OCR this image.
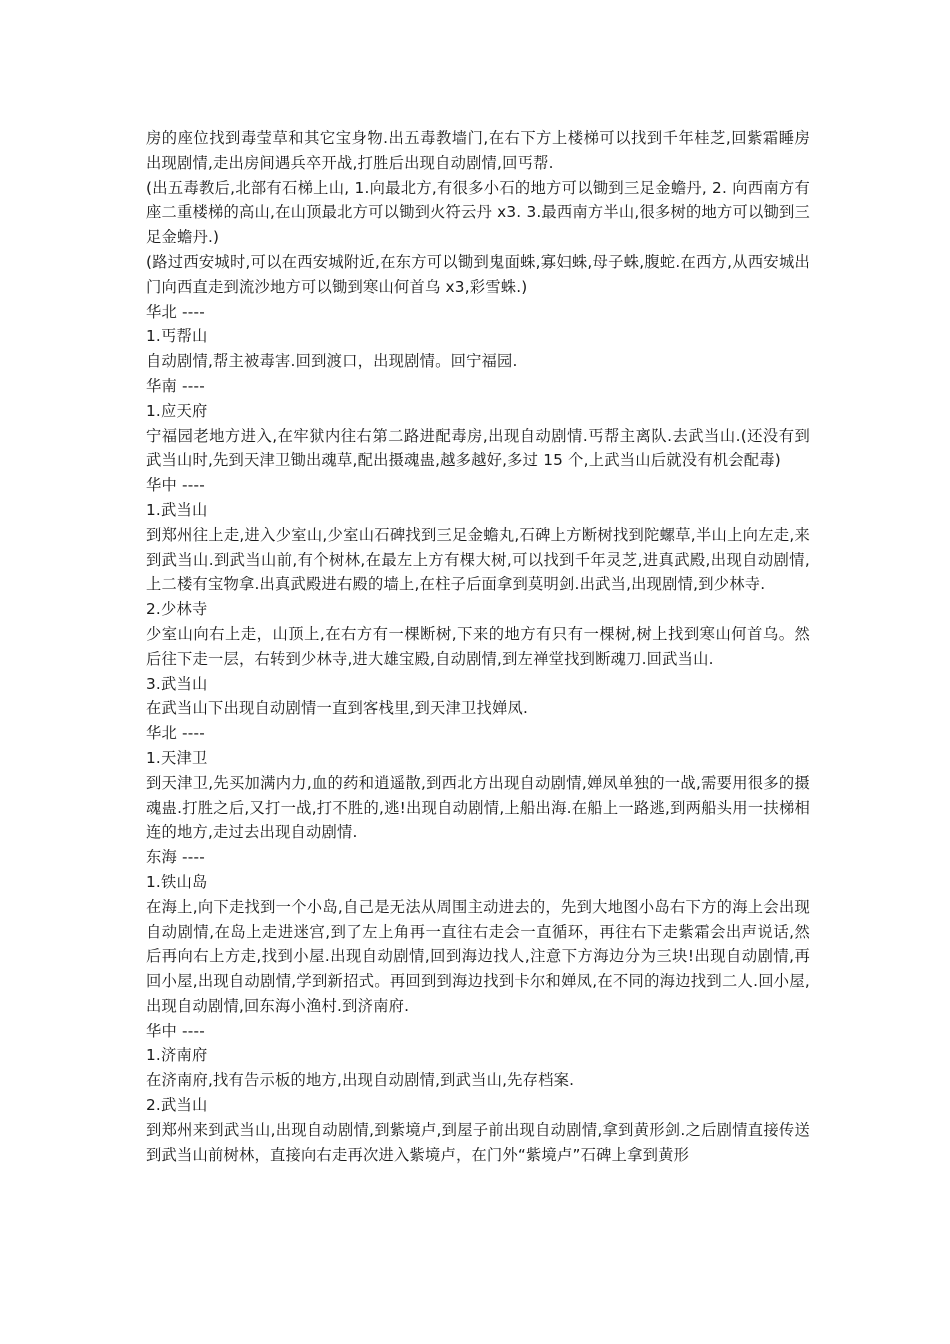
房的座位找到毒莹草和其它宝身物.出五毒教墙门,在右下方上楼梯可以找到千年桂芝,回紫霜睡房出现剧情,走出房间遇兵卒开战,打胜后出现自动剧情,回丐帮.

(出五毒教后,北部有石梯上山, 1.向最北方,有很多小石的地方可以锄到三足金蟾丹, 2. 向西南方有座二重楼梯的高山,在山顶最北方可以锄到火符云丹 x3. 3.最西南方半山,很多树的地方可以锄到三足金蟾丹.)

(路过西安城时,可以在西安城附近,在东方可以锄到鬼面蛛,寡妇蛛,母子蛛,腹蛇.在西方,从西安城出门向西直走到流沙地方可以锄到寒山何首乌 x3,彩雪蛛.)

华北 ----

1.丐帮山

自动剧情,帮主被毒害.回到渡口，出现剧情。回宁福园.

华南 ----

1.应天府

宁福园老地方进入,在牢狱内往右第二路进配毒房,出现自动剧情.丐帮主离队.去武当山.(还没有到武当山时,先到天津卫锄出魂草,配出摄魂蛊,越多越好,多过 15 个,上武当山后就没有机会配毒)

华中 ----

1.武当山

到郑州往上走,进入少室山,少室山石碑找到三足金蟾丸,石碑上方断树找到陀螺草,半山上向左走,来到武当山.到武当山前,有个树林,在最左上方有棵大树,可以找到千年灵芝,进真武殿,出现自动剧情,上二楼有宝物拿.出真武殿进右殿的墙上,在柱子后面拿到莫明剑.出武当,出现剧情,到少林寺.

2.少林寺

少室山向右上走，山顶上,在右方有一棵断树,下来的地方有只有一棵树,树上找到寒山何首乌。然后往下走一层，右转到少林寺,进大雄宝殿,自动剧情,到左禅堂找到断魂刀.回武当山.

3.武当山

在武当山下出现自动剧情一直到客栈里,到天津卫找婵凤.

华北 ----

1.天津卫

到天津卫,先买加满内力,血的药和逍遥散,到西北方出现自动剧情,婵凤单独的一战,需要用很多的摄魂蛊.打胜之后,又打一战,打不胜的,逃!出现自动剧情,上船出海.在船上一路逃,到两船头用一扶梯相连的地方,走过去出现自动剧情.

东海 ----

1.铁山岛

在海上,向下走找到一个小岛,自己是无法从周围主动进去的，先到大地图小岛右下方的海上会出现自动剧情,在岛上走进迷宫,到了左上角再一直往右走会一直循环，再往右下走紫霜会出声说话,然后再向右上方走,找到小屋.出现自动剧情,回到海边找人,注意下方海边分为三块!出现自动剧情,再回小屋,出现自动剧情,学到新招式。再回到到海边找到卡尔和婵凤,在不同的海边找到二人.回小屋,出现自动剧情,回东海小渔村.到济南府.

华中 ----

1.济南府

在济南府,找有告示板的地方,出现自动剧情,到武当山,先存档案.

2.武当山

到郑州来到武当山,出现自动剧情,到紫境卢,到屋子前出现自动剧情,拿到黄形剑.之后剧情直接传送到武当山前树林，直接向右走再次进入紫境卢，在门外“紫境卢”石碑上拿到黄形
